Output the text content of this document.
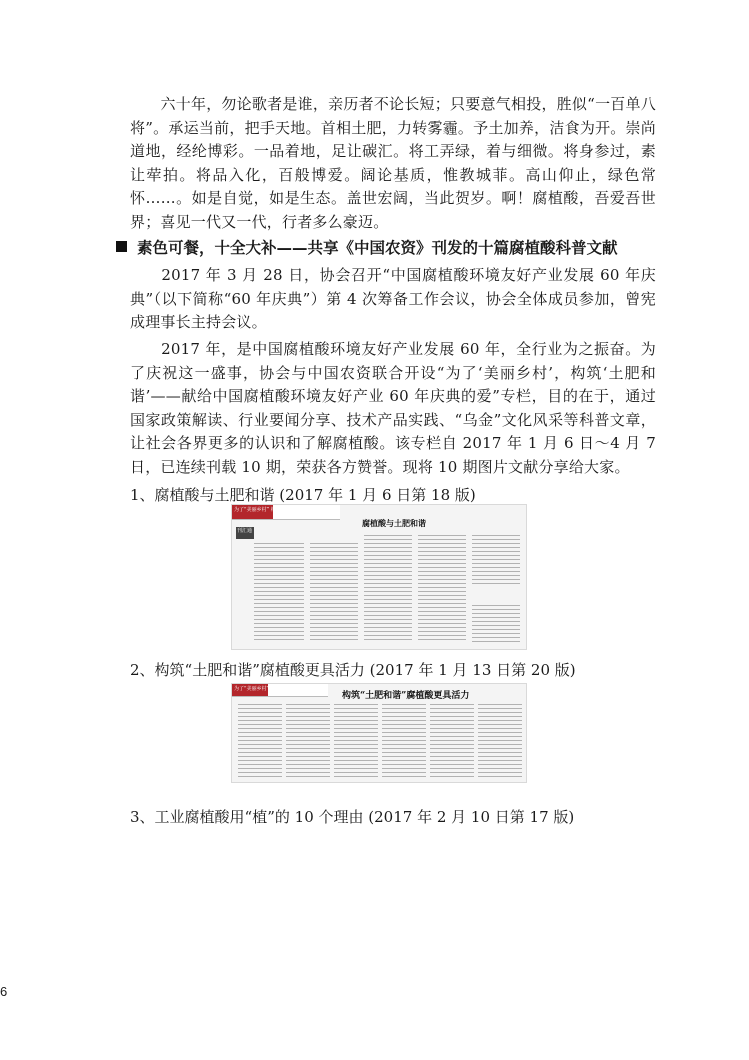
　　六十年，勿论歌者是谁，亲历者不论长短；只要意气相投，胜似“一百单八将”。承运当前，把手天地。首相土肥，力转雾霾。予土加养，洁食为开。崇尚道地，经纶博彩。一品着地，足让碳汇。将工弄绿，着与细微。将身参过，素让荦拍。将品入化，百般博爱。阔论基质，惟教城菲。高山仰止，绿色常怀……。如是自觉，如是生态。盖世宏阔，当此贺岁。啊！腐植酸，吾爱吾世界；喜见一代又一代，行者多么豪迈。
素色可餐，十全大补——共享《中国农资》刊发的十篇腐植酸科普文献
　　2017 年 3 月 28 日，协会召开“中国腐植酸环境友好产业发展 60 年庆典”（以下简称“60 年庆典”）第 4 次筹备工作会议，协会全体成员参加，曾宪成理事长主持会议。
　　2017 年，是中国腐植酸环境友好产业发展 60 年，全行业为之振奋。为了庆祝这一盛事，协会与中国农资联合开设“为了‘美丽乡村’，构筑‘土肥和谐’——献给中国腐植酸环境友好产业 60 年庆典的爱”专栏，目的在于，通过国家政策解读、行业要闻分享、技术产品实践、“乌金”文化风采等科普文章，让社会各界更多的认识和了解腐植酸。该专栏自 2017 年 1 月 6 日～4 月 7 日，已连续刊载 10 期，荣获各方赞誉。现将 10 期图片文献分享给大家。
1、腐植酸与土肥和谐 (2017 年 1 月 6 日第 18 版)
为了“美丽乡村” 构筑“土肥和谐”
刊汇通
腐植酸与土肥和谐
2、构筑“土肥和谐”腐植酸更具活力 (2017 年 1 月 13 日第 20 版)
为了“美丽乡村” 构筑“土肥和谐”
构筑“土肥和谐”腐植酸更具活力
3、工业腐植酸用“植”的 10 个理由 (2017 年 2 月 10 日第 17 版)
6
